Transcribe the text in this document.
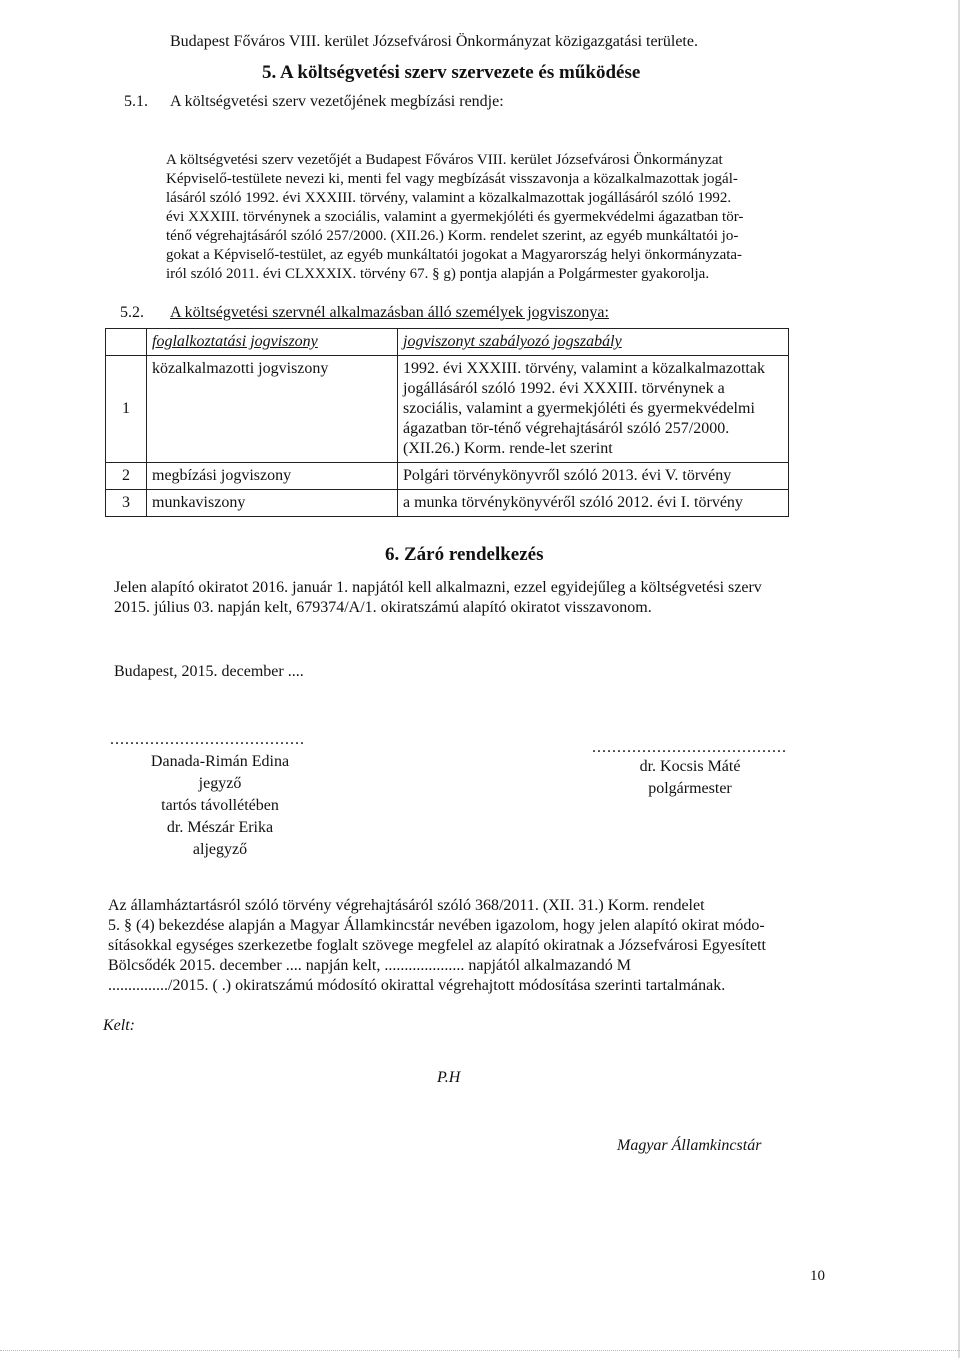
Budapest Főváros VIII. kerület Józsefvárosi Önkormányzat közigazgatási területe.
5. A költségvetési szerv szervezete és működése
5.1. A költségvetési szerv vezetőjének megbízási rendje:
A költségvetési szerv vezetőjét a Budapest Főváros VIII. kerület Józsefvárosi Önkormányzat
Képviselő-testülete nevezi ki, menti fel vagy megbízását visszavonja a közalkalmazottak jogál-
lásáról szóló 1992. évi XXXIII. törvény, valamint a közalkalmazottak jogállásáról szóló 1992.
évi XXXIII. törvénynek a szociális, valamint a gyermekjóléti és gyermekvédelmi ágazatban tör-
ténő végrehajtásáról szóló 257/2000. (XII.26.) Korm. rendelet szerint, az egyéb munkáltatói jo-
gokat a Képviselő-testület, az egyéb munkáltatói jogokat a Magyarország helyi önkormányzata-
iról szóló 2011. évi CLXXXIX. törvény 67. § g) pontja alapján a Polgármester gyakorolja.
5.2. A költségvetési szervnél alkalmazásban álló személyek jogviszonya:
	foglalkoztatási jogviszony	jogviszonyt szabályozó jogszabály
1	közalkalmazotti jogviszony	1992. évi XXXIII. törvény, valamint a közalkalmazottak jogállásáról szóló 1992. évi XXXIII. törvénynek a szociális, valamint a gyermekjóléti és gyermekvédelmi ágazatban tör-ténő végrehajtásáról szóló 257/2000. (XII.26.) Korm. rende-let szerint
2	megbízási jogviszony	Polgári törvénykönyvről szóló 2013. évi V. törvény
3	munkaviszony	a munka törvénykönyvéről szóló 2012. évi I. törvény
6. Záró rendelkezés
Jelen alapító okiratot 2016. január 1. napjától kell alkalmazni, ezzel egyidejűleg a költségvetési szerv
2015. július 03. napján kelt, 679374/A/1. okiratszámú alapító okiratot visszavonom.
Budapest, 2015. december ....
.......................................
Danada-Rimán Edina
jegyző
tartós távollétében
dr. Mészár Erika
aljegyző
.......................................
dr. Kocsis Máté
polgármester
Az államháztartásról szóló törvény végrehajtásáról szóló 368/2011. (XII. 31.) Korm. rendelet
5. § (4) bekezdése alapján a Magyar Államkincstár nevében igazolom, hogy jelen alapító okirat módo-
sításokkal egységes szerkezetbe foglalt szövege megfelel az alapító okiratnak a Józsefvárosi Egyesített
Bölcsődék 2015. december .... napján kelt, .................... napjától alkalmazandó M
.............../2015. ( .) okiratszámú módosító okirattal végrehajtott módosítása szerinti tartalmának.
Kelt:
P.H
Magyar Államkincstár
10
